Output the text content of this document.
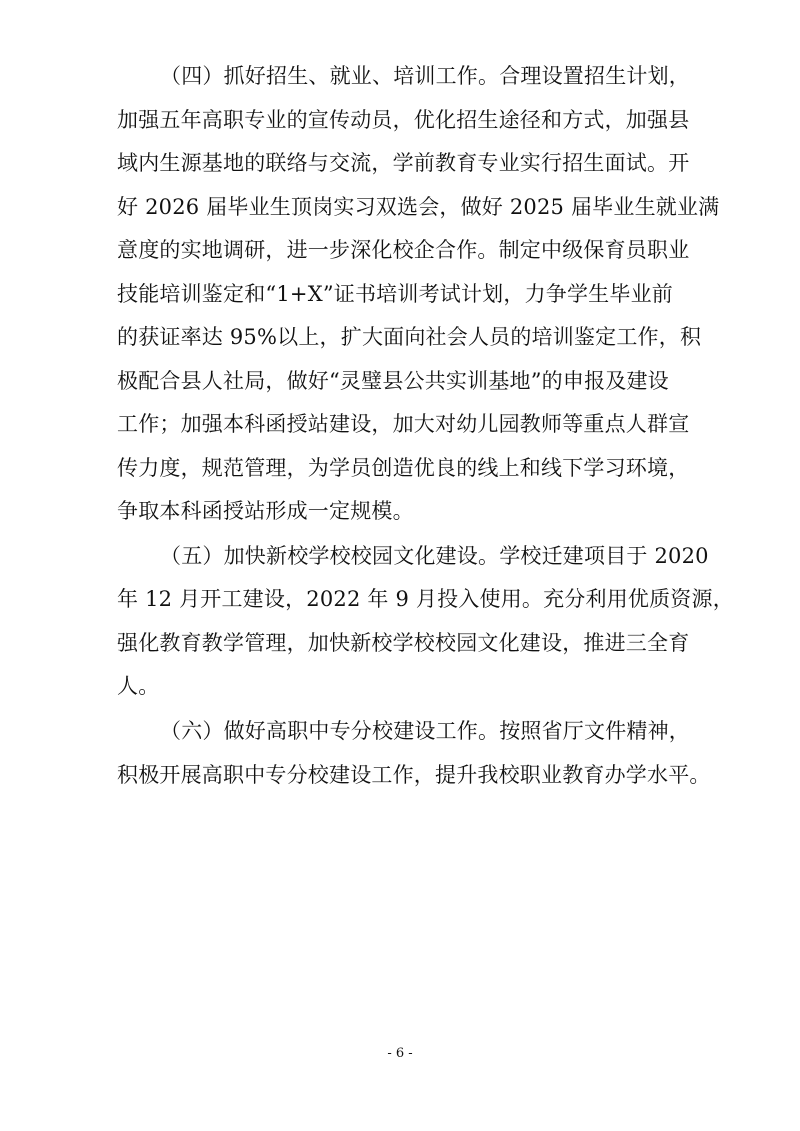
（四）抓好招生、就业、培训工作。合理设置招生计划，
加强五年高职专业的宣传动员，优化招生途径和方式，加强县
域内生源基地的联络与交流，学前教育专业实行招生面试。开
好 2026 届毕业生顶岗实习双选会，做好 2025 届毕业生就业满
意度的实地调研，进一步深化校企合作。制定中级保育员职业
技能培训鉴定和“1+X”证书培训考试计划，力争学生毕业前
的获证率达 95%以上，扩大面向社会人员的培训鉴定工作，积
极配合县人社局，做好“灵璧县公共实训基地”的申报及建设
工作；加强本科函授站建设，加大对幼儿园教师等重点人群宣
传力度，规范管理，为学员创造优良的线上和线下学习环境，
争取本科函授站形成一定规模。
（五）加快新校学校校园文化建设。学校迁建项目于 2020
年 12 月开工建设，2022 年 9 月投入使用。充分利用优质资源，
强化教育教学管理，加快新校学校校园文化建设，推进三全育
人。
（六）做好高职中专分校建设工作。按照省厅文件精神，
积极开展高职中专分校建设工作，提升我校职业教育办学水平。
- 6 -
